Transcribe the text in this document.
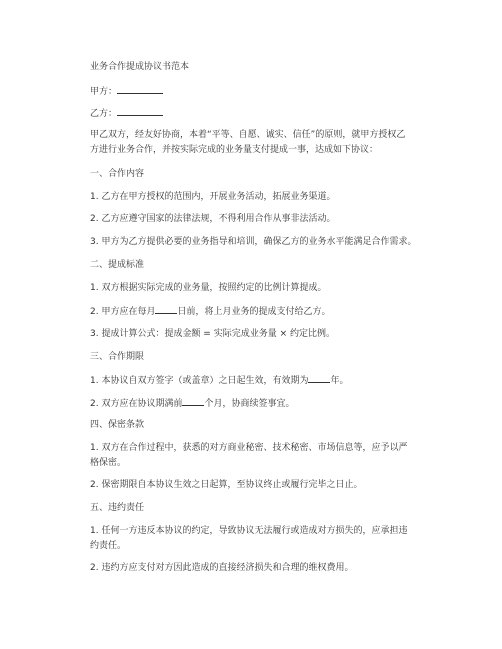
业务合作提成协议书范本
甲方：
乙方：
甲乙双方，经友好协商，本着“平等、自愿、诚实、信任”的原则，就甲方授权乙
方进行业务合作，并按实际完成的业务量支付提成一事，达成如下协议：
一、合作内容
1. 乙方在甲方授权的范围内，开展业务活动，拓展业务渠道。
2. 乙方应遵守国家的法律法规，不得利用合作从事非法活动。
3. 甲方为乙方提供必要的业务指导和培训，确保乙方的业务水平能满足合作需求。
二、提成标准
1. 双方根据实际完成的业务量，按照约定的比例计算提成。
2. 甲方应在每月 日前，将上月业务的提成支付给乙方。
3. 提成计算公式：提成金额 = 实际完成业务量 × 约定比例。
三、合作期限
1. 本协议自双方签字（或盖章）之日起生效，有效期为 年。
2. 双方应在协议期满前 个月，协商续签事宜。
四、保密条款
1. 双方在合作过程中，获悉的对方商业秘密、技术秘密、市场信息等，应予以严
格保密。
2. 保密期限自本协议生效之日起算，至协议终止或履行完毕之日止。
五、违约责任
1. 任何一方违反本协议的约定，导致协议无法履行或造成对方损失的，应承担违
约责任。
2. 违约方应支付对方因此造成的直接经济损失和合理的维权费用。
